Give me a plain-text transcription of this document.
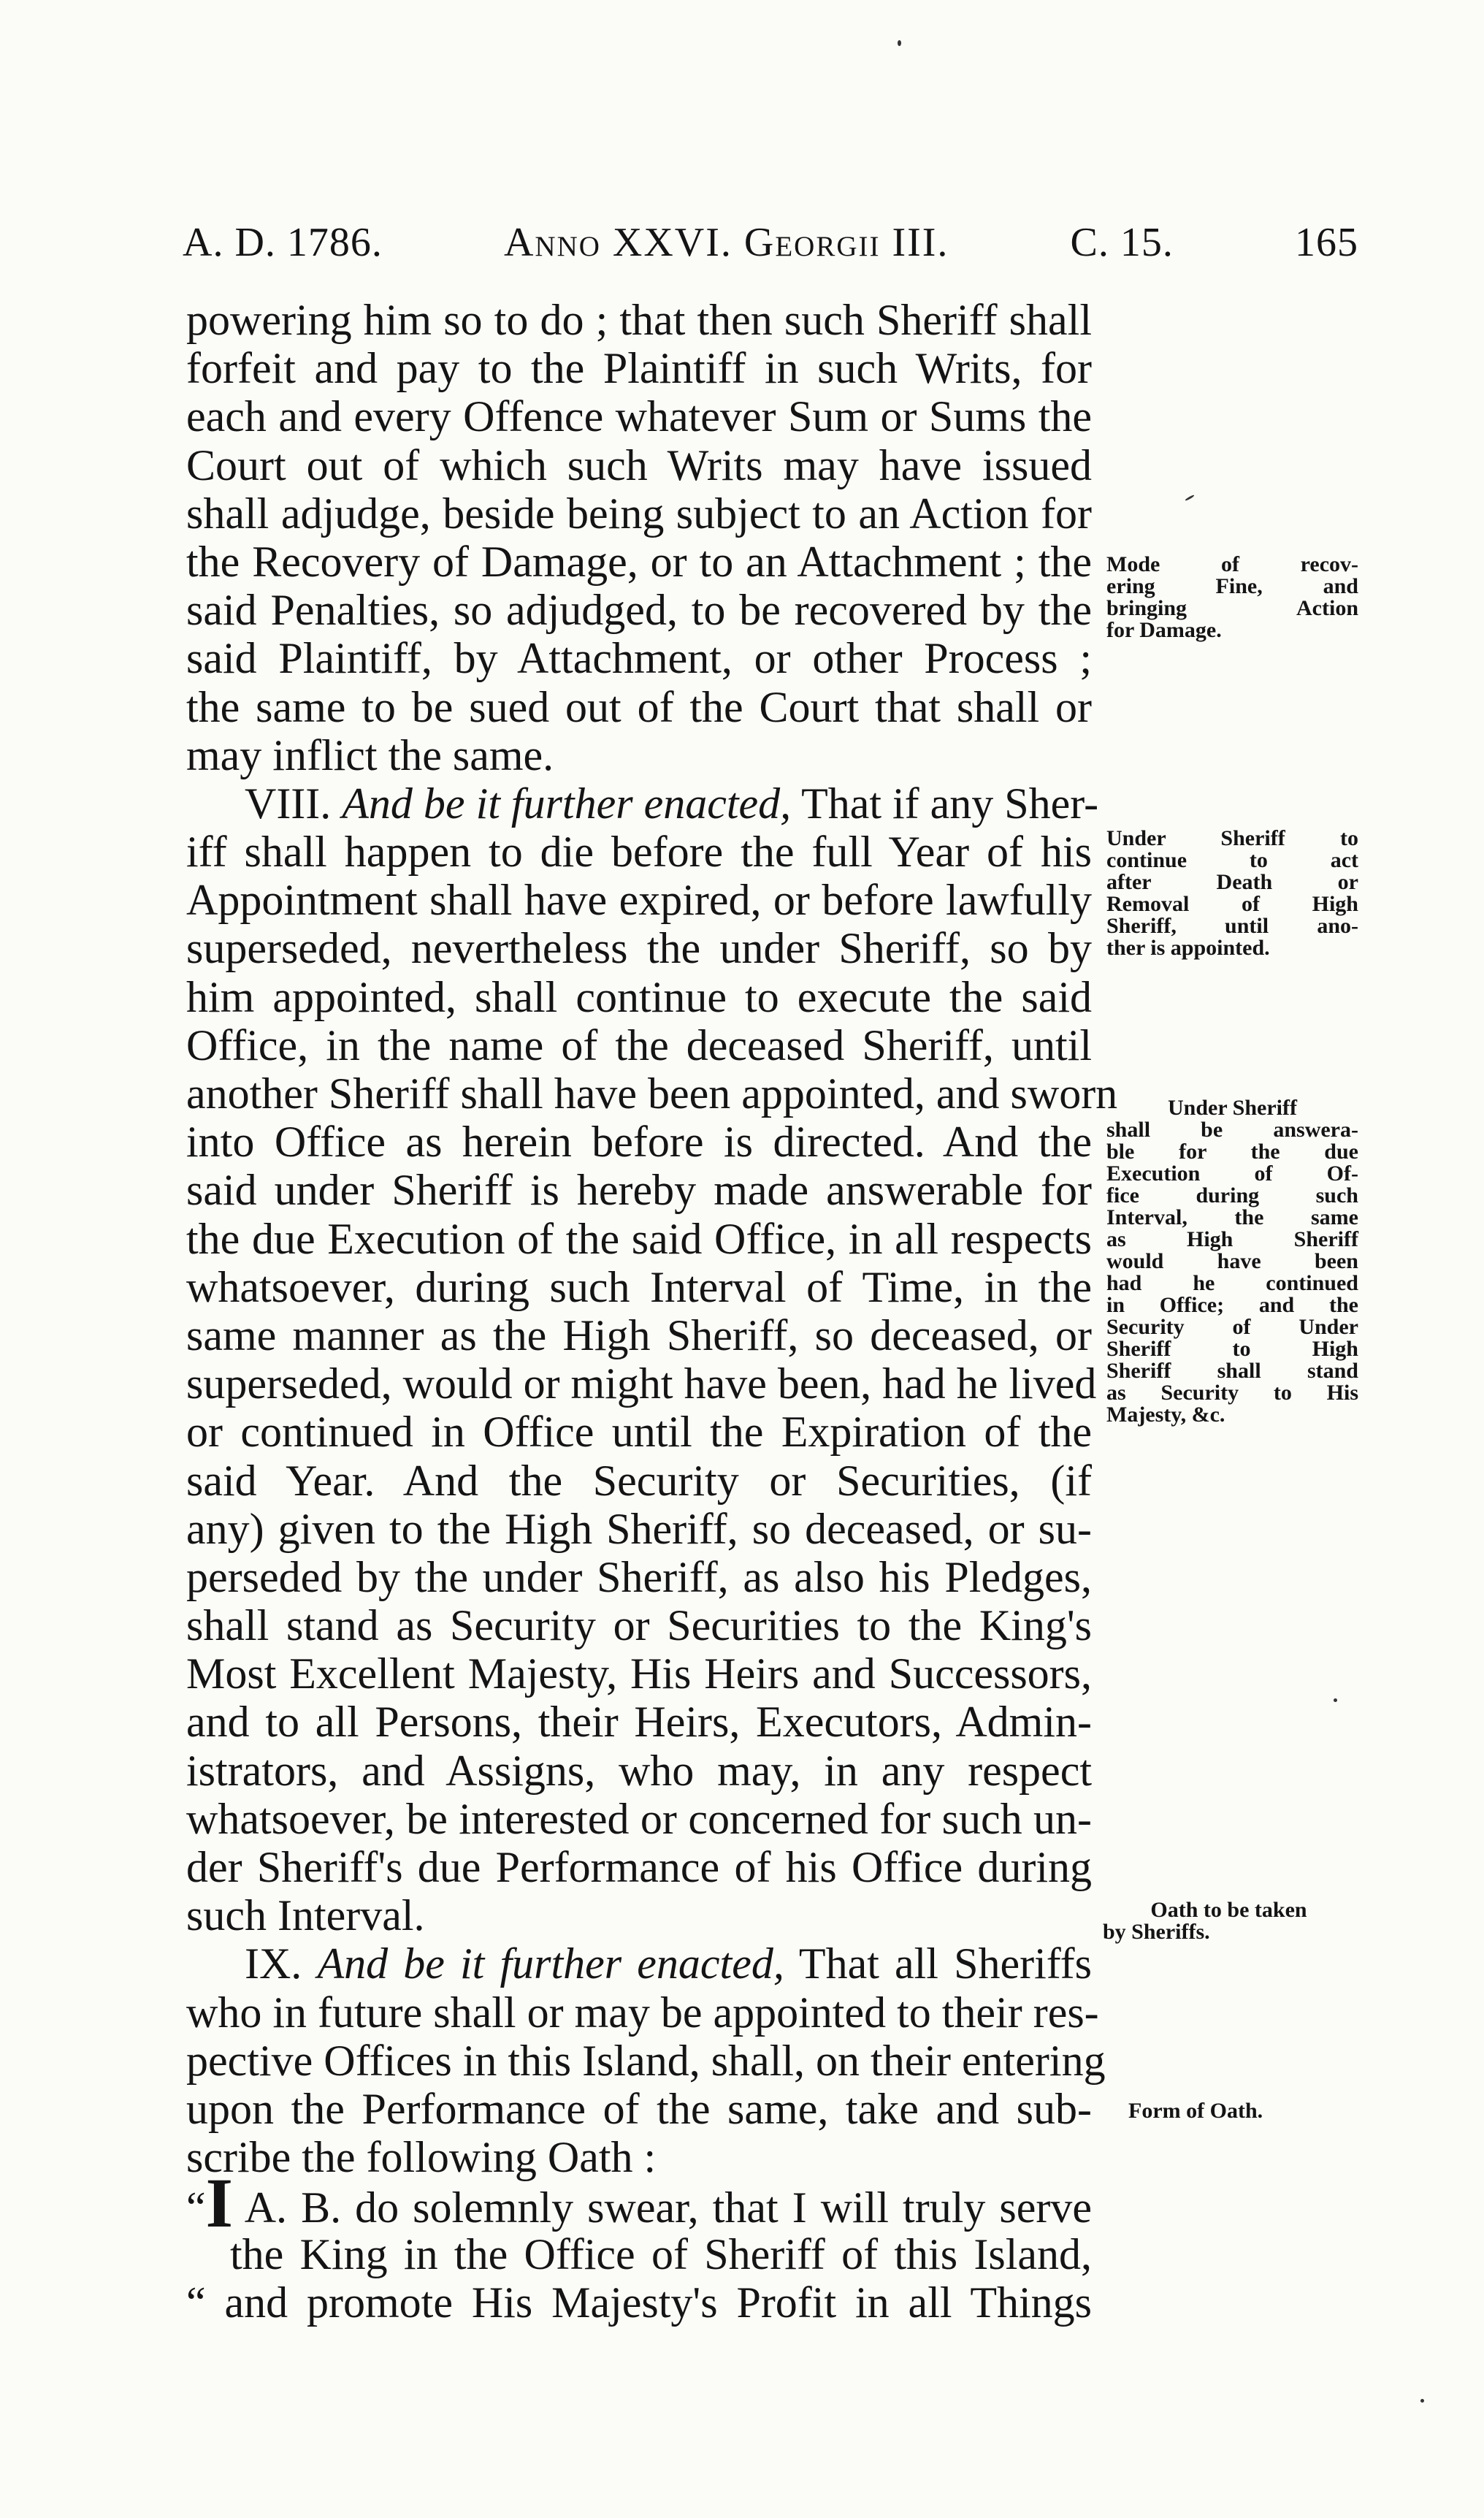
A. D. 1786.	Anno XXVI. Georgii III.	C. 15.	165
powering him so to do ; that then such Sheriff shall
forfeit and pay to the Plaintiff in such Writs, for
each and every Offence whatever Sum or Sums the
Court out of which such Writs may have issued
shall adjudge, beside being subject to an Action for
the Recovery of Damage, or to an Attachment ; the
said Penalties, so adjudged, to be recovered by the
said Plaintiff, by Attachment, or other Process ;
the same to be sued out of the Court that shall or
may inflict the same.
VIII. And be it further enacted, That if any Sher-
iff shall happen to die before the full Year of his
Appointment shall have expired, or before lawfully
superseded, nevertheless the under Sheriff, so by
him appointed, shall continue to execute the said
Office, in the name of the deceased Sheriff, until
another Sheriff shall have been appointed, and sworn
into Office as herein before is directed. And the
said under Sheriff is hereby made answerable for
the due Execution of the said Office, in all respects
whatsoever, during such Interval of Time, in the
same manner as the High Sheriff, so deceased, or
superseded, would or might have been, had he lived
or continued in Office until the Expiration of the
said Year. And the Security or Securities, (if
any) given to the High Sheriff, so deceased, or su-
perseded by the under Sheriff, as also his Pledges,
shall stand as Security or Securities to the King's
Most Excellent Majesty, His Heirs and Successors,
and to all Persons, their Heirs, Executors, Admin-
istrators, and Assigns, who may, in any respect
whatsoever, be interested or concerned for such un-
der Sheriff's due Performance of his Office during
such Interval.
IX. And be it further enacted, That all Sheriffs
who in future shall or may be appointed to their res-
pective Offices in this Island, shall, on their entering
upon the Performance of the same, take and sub-
scribe the following Oath :
“I A. B. do solemnly swear, that I will truly serve
the King in the Office of Sheriff of this Island,
“ and promote His Majesty's Profit in all Things
Mode of recov-
ering Fine, and
bringing Action
for Damage.
Under Sheriff to
continue to act
after Death or
Removal of High
Sheriff, until ano-
ther is appointed.
Under Sheriff
shall be answera-
ble for the due
Execution of Of-
fice during such
Interval, the same
as High Sheriff
would have been
had he continued
in Office; and the
Security of Under
Sheriff to High
Sheriff shall stand
as Security to His
Majesty, &c.
Oath to be taken
by Sheriffs.
Form of Oath.
